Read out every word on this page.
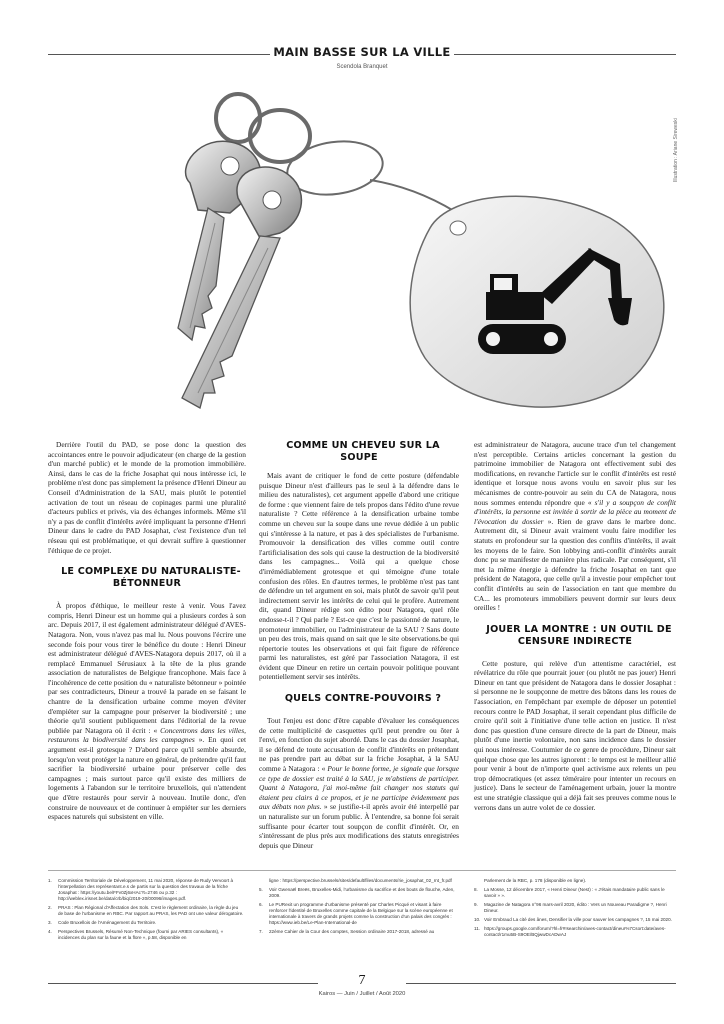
MAIN BASSE SUR LA VILLE
Scendola Branquet
Illustration : Ariane Sireweski

Derrière l'outil du PAD, se pose donc la question des accointances entre le pouvoir adjudicateur (en charge de la gestion d'un marché public) et le monde de la promotion immobilière. Ainsi, dans le cas de la friche Josaphat qui nous intéresse ici, le problème n'est donc pas simplement la présence d'Henri Dineur au Conseil d'Administration de la SAU, mais plutôt le potentiel activation de tout un réseau de copinages parmi une pluralité d'acteurs publics et privés, via des échanges informels. Même s'il n'y a pas de conflit d'intérêts avéré impliquant la personne d'Henri Dineur dans le cadre du PAD Josaphat, c'est l'existence d'un tel réseau qui est problématique, et qui devrait suffire à questionner l'éthique de ce projet.

LE COMPLEXE DU NATURALISTE-BÉTONNEUR

À propos d'éthique, le meilleur reste à venir. Vous l'avez compris, Henri Dineur est un homme qui a plusieurs cordes à son arc. Depuis 2017, il est également administrateur délégué d'AVES-Natagora. Non, vous n'avez pas mal lu. Nous pouvons l'écrire une seconde fois pour vous tirer le bénéfice du doute : Henri Dineur est administrateur délégué d'AVES-Natagora depuis 2017, où il a remplacé Emmanuel Sérusiaux à la tête de la plus grande association de naturalistes de Belgique francophone. Mais face à l'incohérence de cette position du « naturaliste bétonneur » pointée par ses contradicteurs, Dineur a trouvé la parade en se faisant le chantre de la densification urbaine comme moyen d'éviter d'empiéter sur la campagne pour préserver la biodiversité ; une théorie qu'il soutient publiquement dans l'éditorial de la revue publiée par Natagora où il écrit : « Concentrons dans les villes, restaurons la biodiversité dans les campagnes ». En quoi cet argument est-il grotesque ? D'abord parce qu'il semble absurde, lorsqu'on veut protéger la nature en général, de prétendre qu'il faut sacrifier la biodiversité urbaine pour préserver celle des campagnes ; mais surtout parce qu'il existe des milliers de logements à l'abandon sur le territoire bruxellois, qui n'attendent que d'être restaurés pour servir à nouveau. Inutile donc, d'en construire de nouveaux et de continuer à empiéter sur les derniers espaces naturels qui subsistent en ville.

COMME UN CHEVEU SUR LA SOUPE

Mais avant de critiquer le fond de cette posture (défendable puisque Dineur n'est d'ailleurs pas le seul à la défendre dans le milieu des naturalistes), cet argument appelle d'abord une critique de forme : que viennent faire de tels propos dans l'édito d'une revue naturaliste ? Cette référence à la densification urbaine tombe comme un cheveu sur la soupe dans une revue dédiée à un public qui s'intéresse à la nature, et pas à des spécialistes de l'urbanisme. Promouvoir la densification des villes comme outil contre l'artificialisation des sols qui cause la destruction de la biodiversité dans les campagnes... Voilà qui a quelque chose d'irrémédiablement grotesque et qui témoigne d'une totale confusion des rôles. En d'autres termes, le problème n'est pas tant de défendre un tel argument en soi, mais plutôt de savoir qu'il peut indirectement servir les intérêts de celui qui le profère. Autrement dit, quand Dineur rédige son édito pour Natagora, quel rôle endosse-t-il ? Qui parle ? Est-ce que c'est le passionné de nature, le promoteur immobilier, ou l'administrateur de la SAU ? Sans doute un peu des trois, mais quand on sait que le site observations.be qui répertorie toutes les observations et qui fait figure de référence parmi les naturalistes, est géré par l'association Natagora, il est évident que Dineur en retire un certain pouvoir politique pouvant potentiellement servir ses intérêts.

QUELS CONTRE-POUVOIRS ?

Tout l'enjeu est donc d'être capable d'évaluer les conséquences de cette multiplicité de casquettes qu'il peut prendre ou ôter à l'envi, en fonction du sujet abordé. Dans le cas du dossier Josaphat, il se défend de toute accusation de conflit d'intérêts en prétendant ne pas prendre part au débat sur la friche Josaphat, à la SAU comme à Natagora : « Pour le bonne forme, je signale que lorsque ce type de dossier est traité à la SAU, je m'abstiens de participer. Quant à Natagora, j'ai moi-même fait changer nos statuts qui étaient peu clairs à ce propos, et je ne participe évidemment pas aux débats non plus. » se justifie-t-il après avoir été interpellé par un naturaliste sur un forum public. À l'entendre, sa bonne foi serait suffisante pour écarter tout soupçon de conflit d'intérêt. Or, en s'intéressant de plus près aux modifications des statuts enregistrées depuis que Dineur

est administrateur de Natagora, aucune trace d'un tel changement n'est perceptible. Certains articles concernant la gestion du patrimoine immobilier de Natagora ont effectivement subi des modifications, en revanche l'article sur le conflit d'intérêts est resté identique et lorsque nous avons voulu en savoir plus sur les mécanismes de contre-pouvoir au sein du CA de Natagora, nous nous sommes entendu répondre que « s'il y a soupçon de conflit d'intérêts, la personne est invitée à sortir de la pièce au moment de l'évocation du dossier ». Rien de grave dans le marbre donc. Autrement dit, si Dineur avait vraiment voulu faire modifier les statuts en profondeur sur la question des conflits d'intérêts, il avait les moyens de le faire. Son lobbying anti-conflit d'intérêts aurait donc pu se manifester de manière plus radicale. Par conséquent, s'il met la même énergie à défendre la friche Josaphat en tant que président de Natagora, que celle qu'il a investie pour empêcher tout conflit d'intérêts au sein de l'association en tant que membre du CA... les promoteurs immobiliers peuvent dormir sur leurs deux oreilles !

JOUER LA MONTRE : UN OUTIL DE CENSURE INDIRECTE

Cette posture, qui relève d'un attentisme caractériel, est révélatrice du rôle que pourrait jouer (ou plutôt ne pas jouer) Henri Dineur en tant que président de Natagora dans le dossier Josaphat : si personne ne le soupçonne de mettre des bâtons dans les roues de l'association, en l'empêchant par exemple de déposer un potentiel recours contre le PAD Josaphat, il serait cependant plus difficile de croire qu'il soit à l'initiative d'une telle action en justice. Il n'est donc pas question d'une censure directe de la part de Dineur, mais plutôt d'une inertie volontaire, non sans incidence dans le dossier qui nous intéresse. Coutumier de ce genre de procédure, Dineur sait quelque chose que les autres ignorent : le temps est le meilleur allié pour venir à bout de n'importe quel activisme aux relents un peu trop démocratiques (et assez téméraire pour intenter un recours en justice). Dans le secteur de l'aménagement urbain, jouer la montre est une stratégie classique qui a déjà fait ses preuves comme nous le verrons dans un autre volet de ce dossier.

1.	Commission Territoriale de Développement, 11 mai 2020, réponse de Rudy Vervoort à l'interpellation des représentant.e.s de partis sur la question des travaux de la friche Josaphat : https://youtu.be/FFv0Zj6xHAc?t=2746 ou p.32 : http://weblex.irisnet.be/data/crb/biq/2019-20/00096/images.pdf.
2.	PRAS : Plan Régional d'Affectation des Sols. C'est le règlement ordinaire, la règle du jeu de base de l'urbanisme en RBC. Par rapport au PRAS, les PAD ont une valeur dérogatoire.
3.	Code Bruxellois de l'Aménagement du Territoire.
4.	Perspectives Brussels, Résumé Non-Technique (fourni par ARIES consultants), « incidences du plan sur la faune et la flore », p.58, disponible en
ligne : https://perspective.brussels/sites/default/files/documents/rie_josaphat_02_rnt_fr.pdf
5.	Voir Gwenaël Breës, Bruxelles-Midi, l'urbanisme du sacrifice et des bouts de flouche, Aden, 2009.
6.	Le PURexit un programme d'urbanisme présenté par Charles Picqué et visant à faire renforcer l'identité de Bruxelles comme capitale de la Belgique sur la scène européenne et internationale à travers de grands projets comme la construction d'un palais des congrès : https://www.ieb.be/Le-Plan-International-de
7.	22ème Cahier de la Cour des comptes, Session ordinaire 2017-2018, adressé au
Parlement de la RBC, p. 178 (disponible en ligne).
8.	La Mosse, 12 décembre 2017, « Henri Dineur (Nest) : « J'étais mandataire public sans le savoir » ».
9.	Magazine de Natagora n°96 mars-avril 2020, édito : Vers un Nouveau Paradigme ?, Henri Dineur.
10. Voir Embraud La cité des ânes, Densifier la ville pour sauver les campagnes ?, 15 mai 2020.
11. https://groups.google.com/forum/?hl=fr#!searchin/aves-contact/dineur%7Csort:date/aves-contact/r1mu5B-S9OE/BQjwwDcADwAJ
7
Kairos — Juin / Juillet / Août 2020
